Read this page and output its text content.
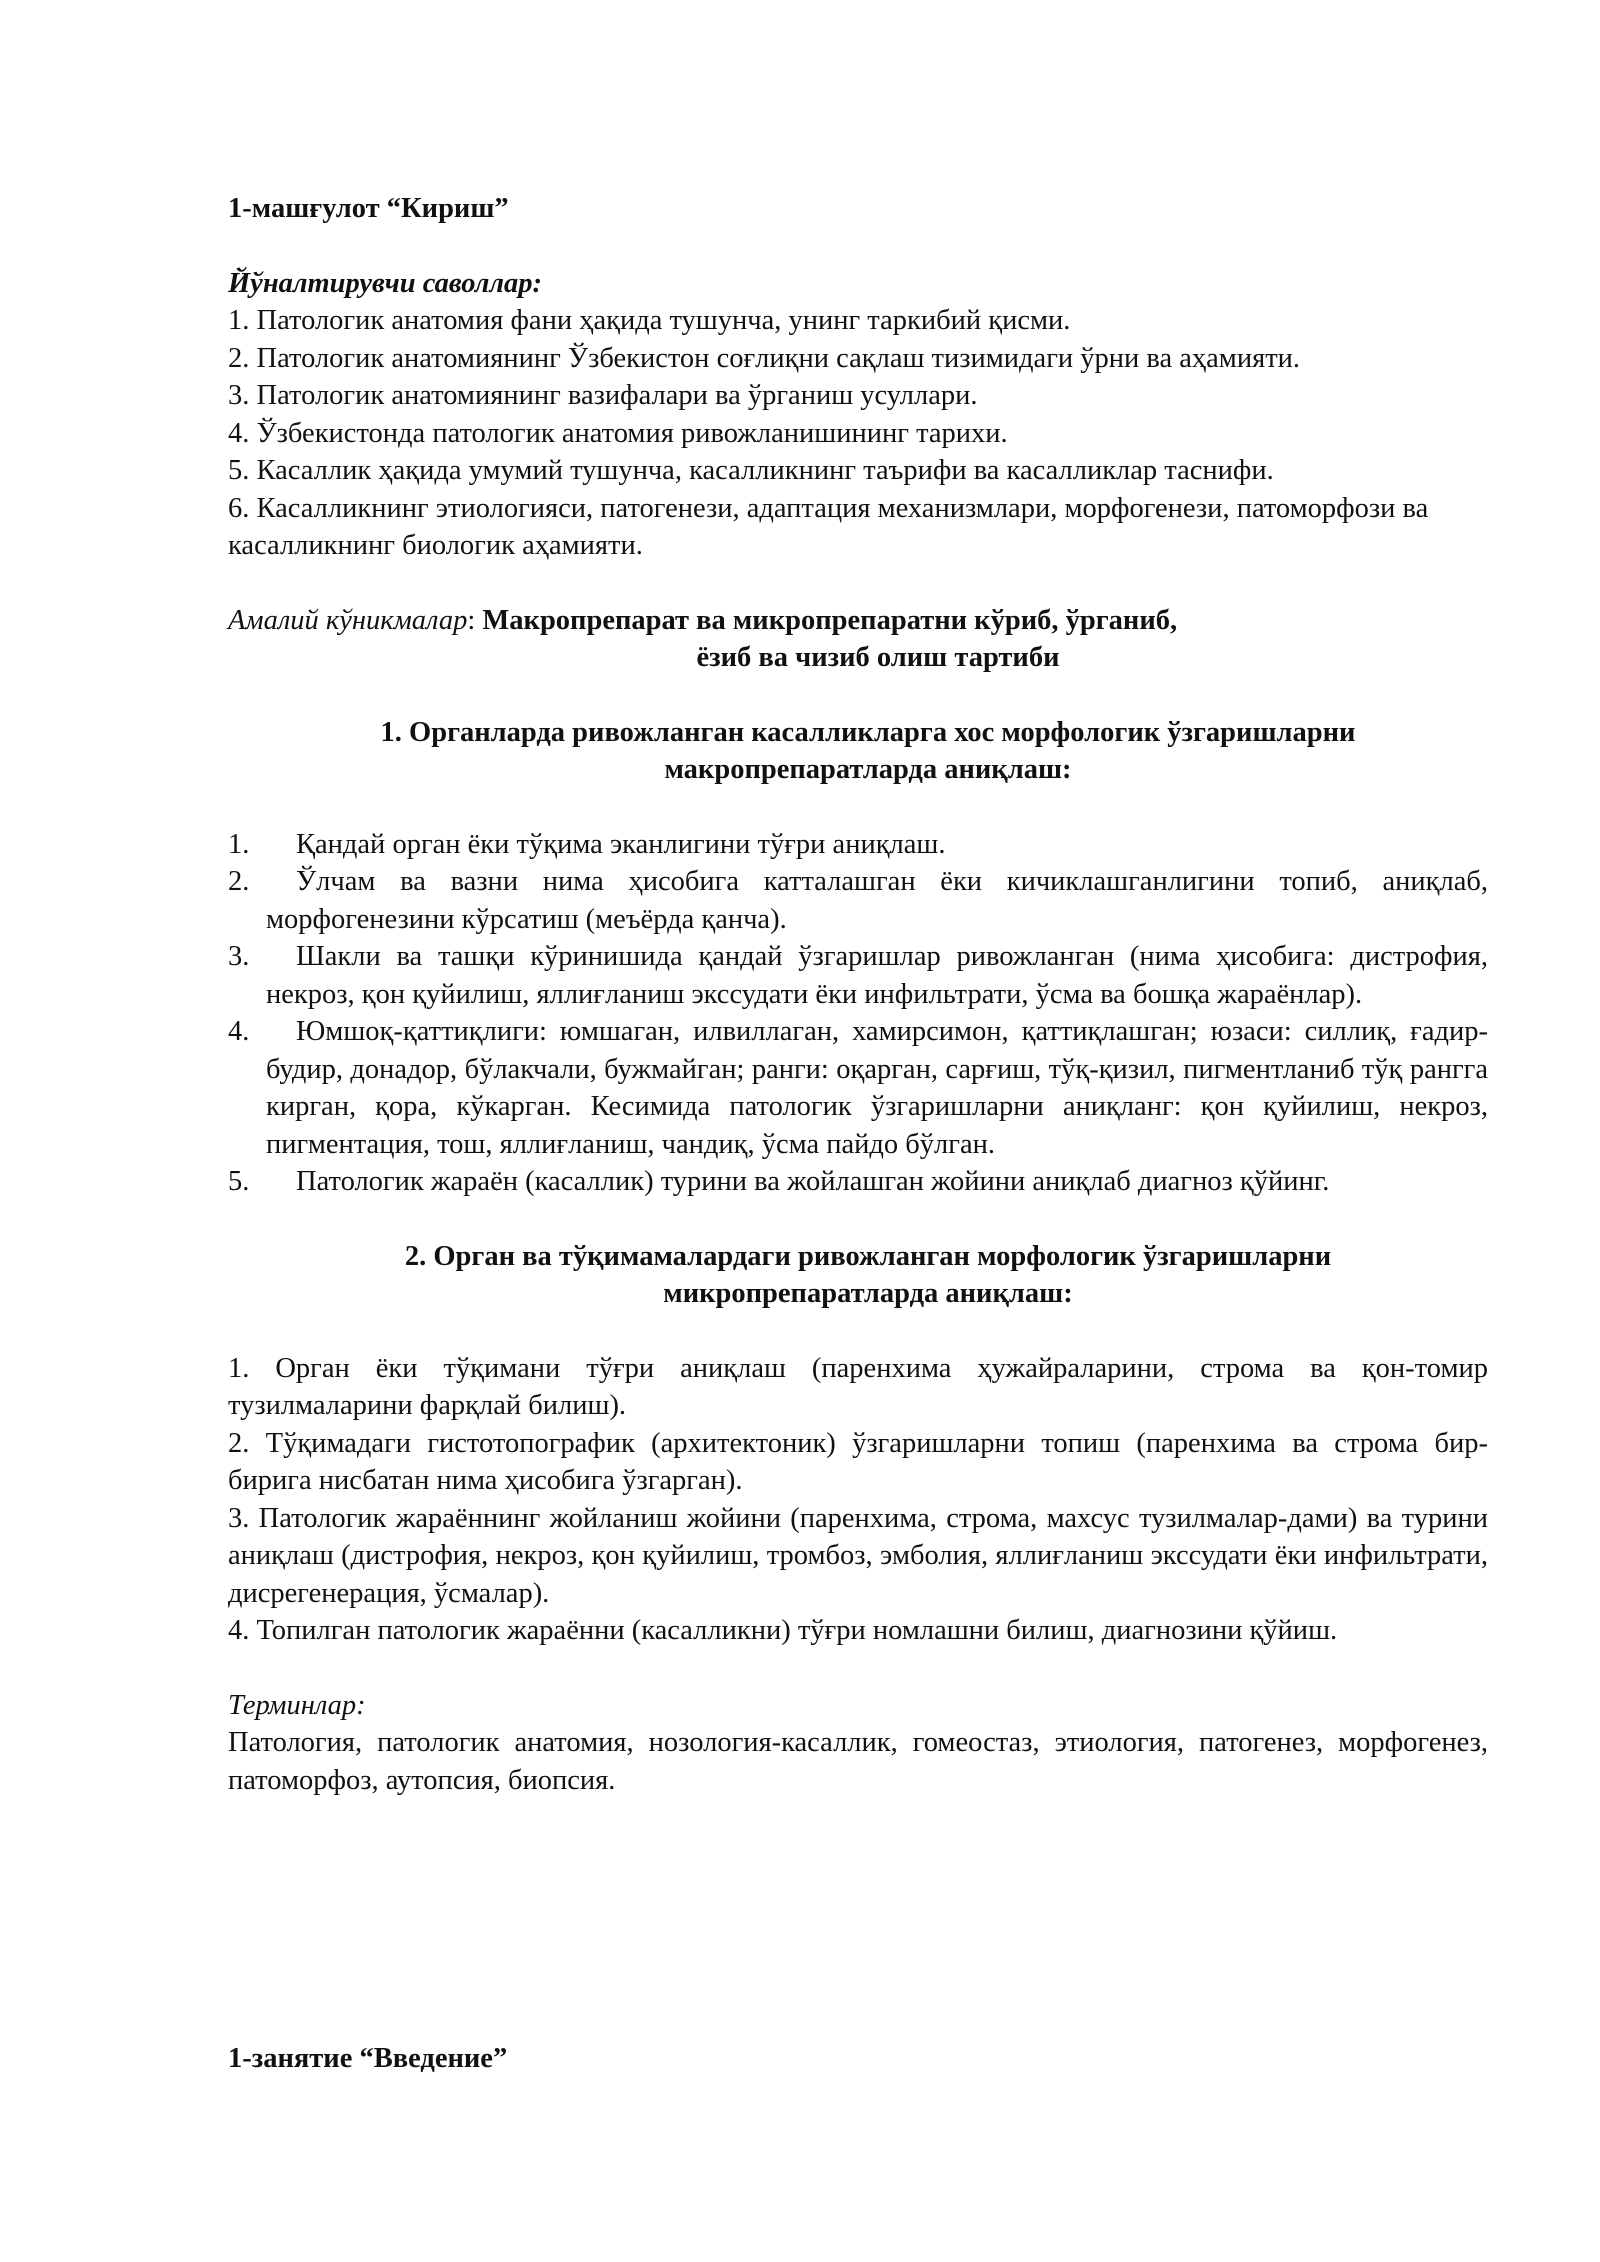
1-машғулот “Кириш”

Йўналтирувчи саволлар:

1. Патологик анатомия фани ҳақида тушунча, унинг таркибий қисми.

2. Патологик анатомиянинг Ўзбекистон соғлиқни сақлаш тизимидаги ўрни ва аҳамияти.

3. Патологик анатомиянинг вазифалари ва ўрганиш усуллари.

4. Ўзбекистонда патологик анатомия ривожланишининг тарихи.

5. Касаллик ҳақида умумий тушунча, касалликнинг таърифи ва касалликлар таснифи.

6. Касалликнинг этиологияси, патогенези, адаптация механизмлари, морфогенези, патоморфози ва касалликнинг биологик аҳамияти.

Амалий кўникмалар: Макропрепарат ва микропрепаратни кўриб, ўрганиб,

ёзиб ва чизиб олиш тартиби

1. Органларда ривожланган касалликларга хос морфологик ўзгаришларни макропрепаратларда аниқлаш:

1.	Қандай орган ёки тўқима эканлигини тўғри аниқлаш.
2.	Ўлчам ва вазни нима ҳисобига катталашган ёки кичиклашганлигини топиб, аниқлаб, морфогенезини кўрсатиш (меъёрда қанча).
3.	Шакли ва ташқи кўринишида қандай ўзгаришлар ривожланган (нима ҳисобига: дистрофия, некроз, қон қуйилиш, яллиғланиш экссудати ёки инфильтрати, ўсма ва бошқа жараёнлар).
4.	Юмшоқ-қаттиқлиги: юмшаган, илвиллаган, хамирсимон, қаттиқлашган; юзаси: силлиқ, ғадир-будир, донадор, бўлакчали, бужмайган; ранги: оқарган, сарғиш, тўқ-қизил, пигментланиб тўқ рангга кирган, қора, кўкарган. Кесимида патологик ўзгаришларни аниқланг: қон қуйилиш, некроз, пигментация, тош, яллиғланиш, чандиқ, ўсма пайдо бўлган.
5.	Патологик жараён (касаллик) турини ва жойлашган жойини аниқлаб диагноз қўйинг.

2. Орган ва тўқимамалардаги ривожланган морфологик ўзгаришларни микропрепаратларда аниқлаш:

1. Орган ёки тўқимани тўғри аниқлаш (паренхима ҳужайраларини, строма ва қон-томир тузилмаларини фарқлай билиш).

2. Тўқимадаги гистотопографик (архитектоник) ўзгаришларни топиш (паренхима ва строма бир-бирига нисбатан нима ҳисобига ўзгарган).

3. Патологик жараённинг жойланиш жойини (паренхима, строма, махсус тузилмалар-дами) ва турини аниқлаш (дистрофия, некроз, қон қуйилиш, тромбоз, эмболия, яллиғланиш экссудати ёки инфильтрати, дисрегенерация, ўсмалар).

4. Топилган патологик жараённи (касалликни) тўғри номлашни билиш, диагнозини қўйиш.

Терминлар:

Патология, патологик анатомия, нозология-касаллик, гомеостаз, этиология, патогенез, морфогенез, патоморфоз, аутопсия, биопсия.

1-занятие “Введение”
